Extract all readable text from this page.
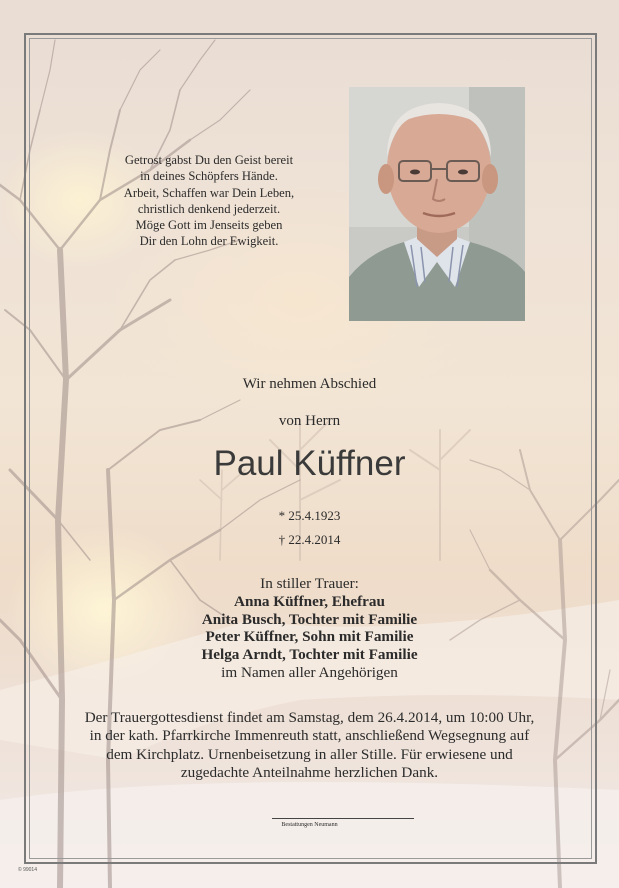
Getrost gabst Du den Geist bereit
in deines Schöpfers Hände.
Arbeit, Schaffen war Dein Leben,
christlich denkend jederzeit.
Möge Gott im Jenseits geben
Dir den Lohn der Ewigkeit.
Wir nehmen Abschied
von Herrn
Paul Küffner
* 25.4.1923
† 22.4.2014
In stiller Trauer:
Anna Küffner, Ehefrau
Anita Busch, Tochter mit Familie
Peter Küffner, Sohn mit Familie
Helga Arndt, Tochter mit Familie
im Namen aller Angehörigen
Der Trauergottesdienst findet am Samstag, dem 26.4.2014, um 10:00 Uhr,
in der kath. Pfarrkirche Immenreuth statt, anschließend Wegsegnung auf
dem Kirchplatz. Urnenbeisetzung in aller Stille. Für erwiesene und
zugedachte Anteilnahme herzlichen Dank.
Bestattungen Neumann
© 99014
